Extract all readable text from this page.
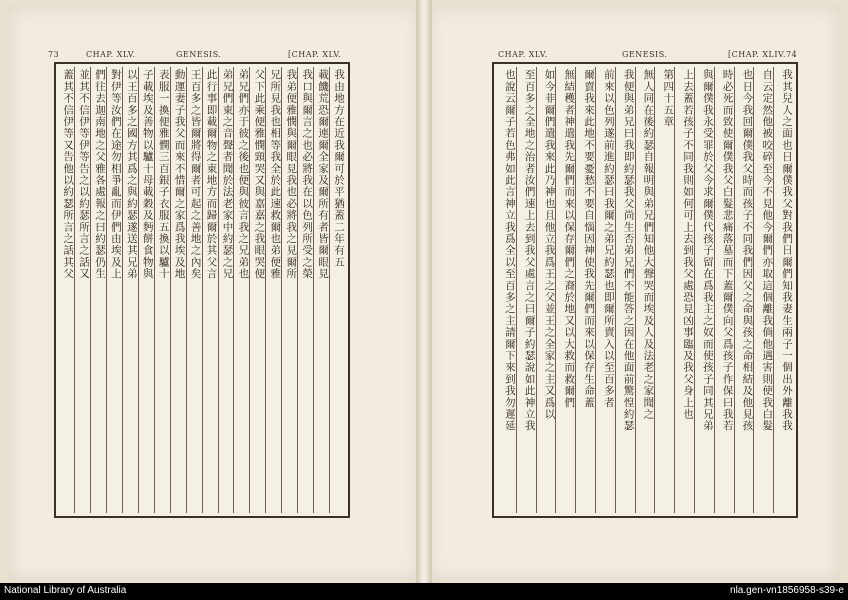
73	CHAP. XLV.	GENESIS.	[CHAP. XLV.	CHAP. XLV.	GENESIS.	[CHAP. XLIV. 74
我由地方在近我爾可於平猶蓋二年有五
載饑荒恐爾連爾全家及爾所有者皆爾眼見
我口與爾言之也必將我在以色列所受之榮
我弟便雅憫與爾眼見我也必將我之見爾所
兄所見我也相等我全於此速救爾也弟便雅
父下此乘便雅憫頸哭又與嘉嘉之我眼哭便
弟兄們亦于彼之後也便與彼言我之兄弟也
弟兄們東之音聲者聞於法老家中約瑟之兄
此行事即載爾物之東地方而歸爾於其父言
王百多之皆爾將得爾者可起之善地之內矣
動運妻子我父而來不惜爾之家爲我埃及地
表服一換便雅憫三百銀子衣服五換以驢十
子載埃及善物以驢十母載穀及麪餅食物與
以王百多之國方其爲之與約瑟遂送其兄弟
對伊等汝們在途勿相爭亂而伊們由埃及上
們往去迦南地之父雅各處報之曰約瑟仍生
並其不信伊等伊等告之以約瑟所言之話又
蓋其不信伊等又告他以約瑟所言之話其父	我其兒人之面也日爾僕我父對我們日爾們知我妻生兩子一個出外離我我
自云定然他被咬碎至今不見他今爾們亦取這個離我倘他遇害則使我白髮
也日今我回爾僕我父時而孩子不同我們因父之命與孩之命相結及他見孩
時必死而致使爾僕我父白髮悲痛落墓而下蓋爾僕向父爲孩子作保曰我若
與爾僕我永受罪於父今求爾僕代孩子留在爲我主之奴而使孩子同其兄弟
上去蓋若孩子不同我則如何可上去到我父處恐見凶事臨及我父身上也
第四十五章
無人同在後約瑟自報明與弟兄們知他大聲哭而埃及人及法老之家聞之
我便與弟兄曰我即約瑟我父尚生否弟兄們不能答之因在他面前驚惶約瑟
前來以色列遂前進約瑟曰我爾之弟兄約瑟也即爾所賣入以至百多者
爾賣我來此地不要憂愁不要自惱因神使我先爾們而來以保存生命蓋
無結穫者神遣我先爾們而來以保存爾們之裔於地又以大救而救爾們
如今非爾們遣我來此乃神也且他立我爲王之父並王之全家之主又爲以
至百多之全地之治者汝們速上去到我父處言之曰爾子約瑟說如此神立我
也說云爾子若色弗如此言神立我爲全以至百多之主請爾下來到我勿遲延
National Library of Australia	nla.gen-vn1856958-s39-e
